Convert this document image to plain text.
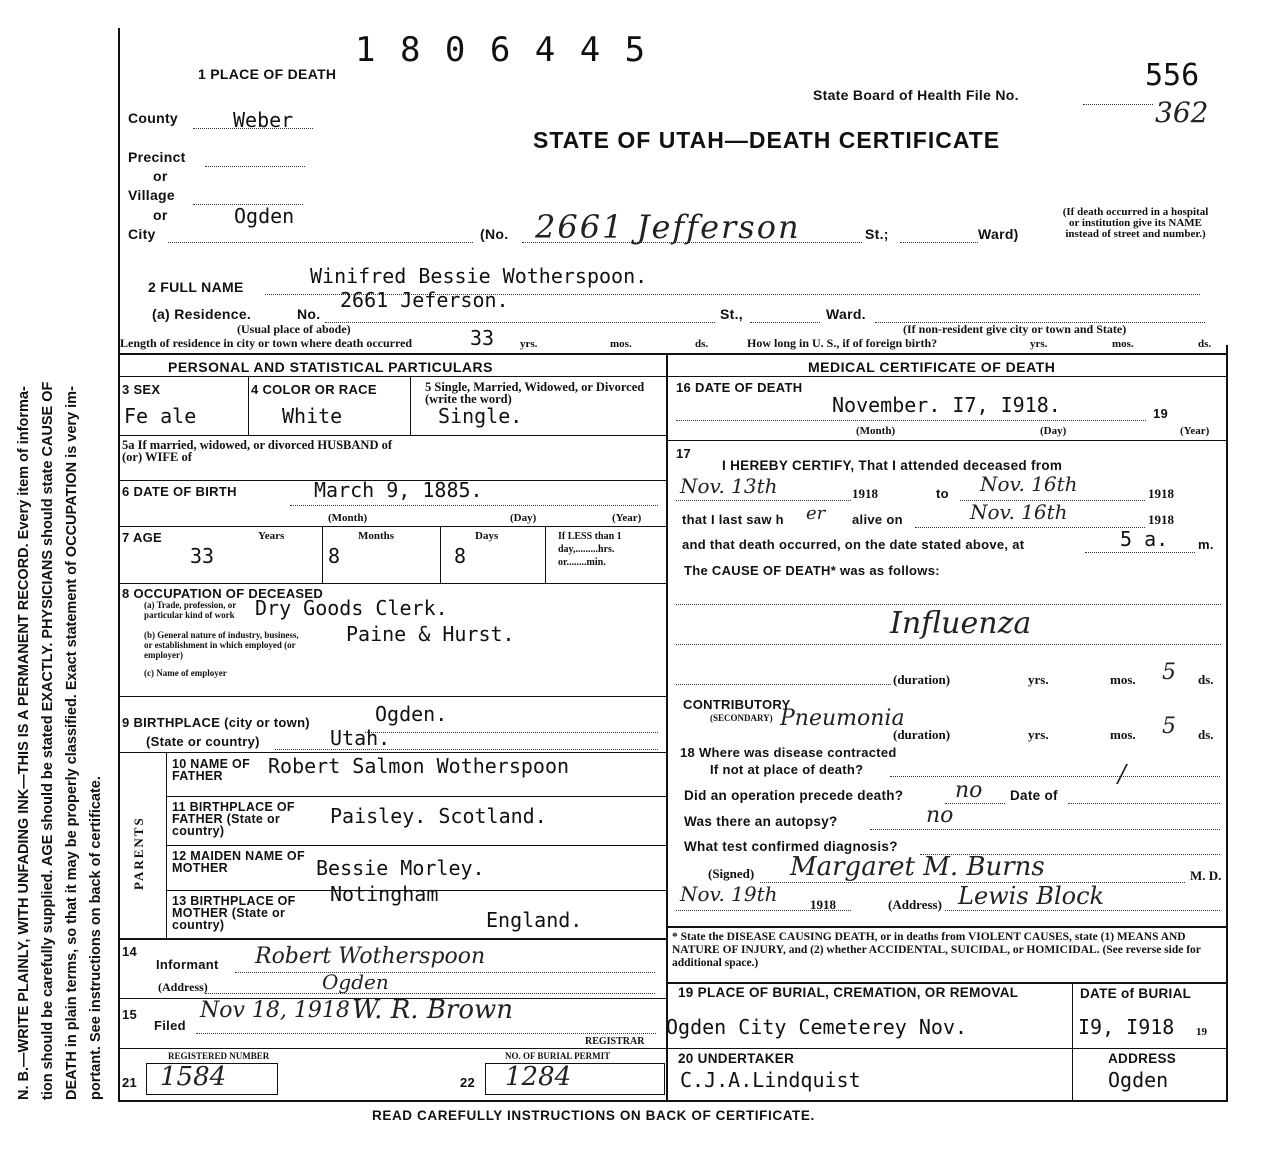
N. B.—WRITE PLAINLY, WITH UNFADING INK—THIS IS A PERMANENT RECORD. Every item of informa- tion should be carefully supplied. AGE should be stated EXACTLY. PHYSICIANS should state CAUSE OF DEATH in plain terms, so that it may be properly classified. Exact statement of OCCUPATION is very im- portant. See instructions on back of certificate.
1 8 0 6 4 4 5
1 PLACE OF DEATH	556
State Board of Health File No.
362
STATE OF UTAH—DEATH CERTIFICATE
County	Weber
Precinct
or
Village
or
City
Ogden
(No. 2661 Jefferson	St.;	Ward)
(If death occurred in a hospital or institution give its NAME instead of street and number.)
2 FULL NAME	Winifred Bessie Wotherspoon.
(a) Residence.	No.
2661 Jeferson.
St.,	Ward.
(Usual place of abode)	(If non-resident give city or town and State)
Length of residence in city or town where death occurred	33 yrs.	mos.	ds.	How long in U. S., if of foreign birth?	yrs.	mos.	ds.
PERSONAL AND STATISTICAL PARTICULARS	MEDICAL CERTIFICATE OF DEATH
3 SEX
Fe ale
4 COLOR OR RACE
White
5 Single, Married, Widowed, or Divorced (write the word)
Single.
5a If married, widowed, or divorced HUSBAND of (or) WIFE of
6 DATE OF BIRTH	March 9, 1885.
(Month)	(Day)	(Year)
7 AGE	Years
33
Months
8
Days
8
If LESS than 1 day,.........hrs. or........min.
8 OCCUPATION OF DECEASED
(a) Trade, profession, or particular kind of work	Dry Goods Clerk.
(b) General nature of industry, business, or establishment in which employed (or employer)
Paine & Hurst.
(c) Name of employer
9 BIRTHPLACE (city or town)	Ogden.
(State or country)	Utah.
PARENTS
10 NAME OF FATHER	Robert Salmon Wotherspoon
11 BIRTHPLACE OF FATHER (State or country)
Paisley. Scotland.
12 MAIDEN NAME OF MOTHER	Bessie Morley.
13 BIRTHPLACE OF MOTHER (State or country)
Notingham
England.
14
Informant Robert Wotherspoon
(Address)	Ogden
15
Filed
Nov 18, 1918 W. R. Brown
REGISTRAR
REGISTERED NUMBER
21 1584
NO. OF BURIAL PERMIT
22 1284
16 DATE OF DEATH
November. I7, I918.	19
(Month)	(Day)	(Year)
17
I HEREBY CERTIFY, That I attended deceased from
Nov. 13th	1918	to Nov. 16th	1918
that I last saw h er alive on	Nov. 16th	1918
and that death occurred, on the date stated above, at	5 a. m.
The CAUSE OF DEATH* was as follows:
Influenza
(duration)	yrs.	mos. 5 ds.
CONTRIBUTORY
(SECONDARY) Pneumonia
(duration)	yrs.	mos. 5 ds.
18 Where was disease contracted
If not at place of death?	/
Did an operation precede death? no Date of
Was there an autopsy?	no
What test confirmed diagnosis?
(Signed) Margaret M. Burns	M. D.
Nov. 19th 1918	(Address) Lewis Block
* State the DISEASE CAUSING DEATH, or in deaths from VIOLENT CAUSES, state (1) MEANS AND NATURE OF INJURY, and (2) whether ACCIDENTAL, SUICIDAL, or HOMICIDAL. (See reverse side for additional space.)
19 PLACE OF BURIAL, CREMATION, OR REMOVAL
Ogden City Cemeterey Nov.
DATE of BURIAL
I9, I918 19
20 UNDERTAKER
C.J.A.Lindquist
ADDRESS
Ogden
READ CAREFULLY INSTRUCTIONS ON BACK OF CERTIFICATE.
